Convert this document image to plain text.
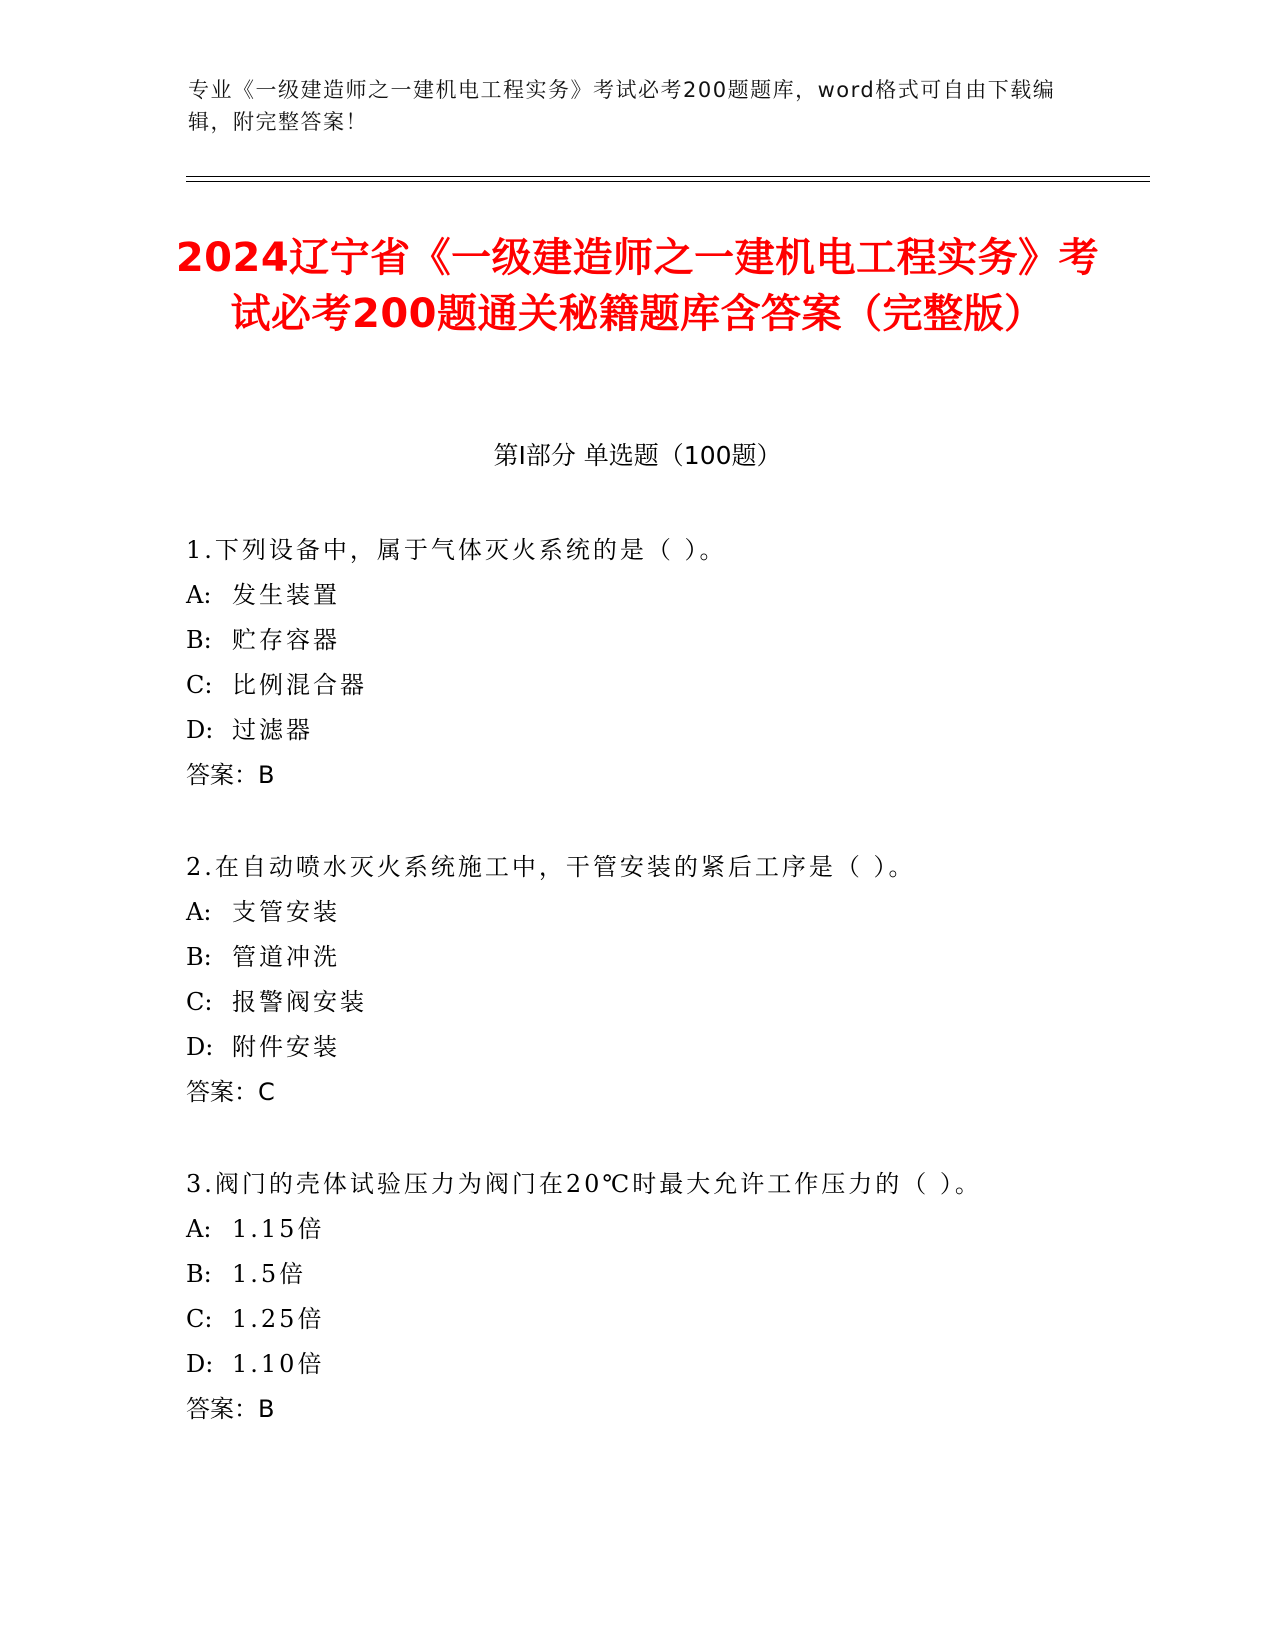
专业《一级建造师之一建机电工程实务》考试必考200题题库，word格式可自由下载编辑，附完整答案！
2024辽宁省《一级建造师之一建机电工程实务》考试必考200题通关秘籍题库含答案（完整版）
第Ⅰ部分 单选题（100题）
1.下列设备中，属于气体灭火系统的是（ ）。
A: 发生装置
B: 贮存容器
C: 比例混合器
D: 过滤器
答案：B
2.在自动喷水灭火系统施工中，干管安装的紧后工序是（ ）。
A: 支管安装
B: 管道冲洗
C: 报警阀安装
D: 附件安装
答案：C
3.阀门的壳体试验压力为阀门在20℃时最大允许工作压力的（ ）。
A: 1.15倍
B: 1.5倍
C: 1.25倍
D: 1.10倍
答案：B
